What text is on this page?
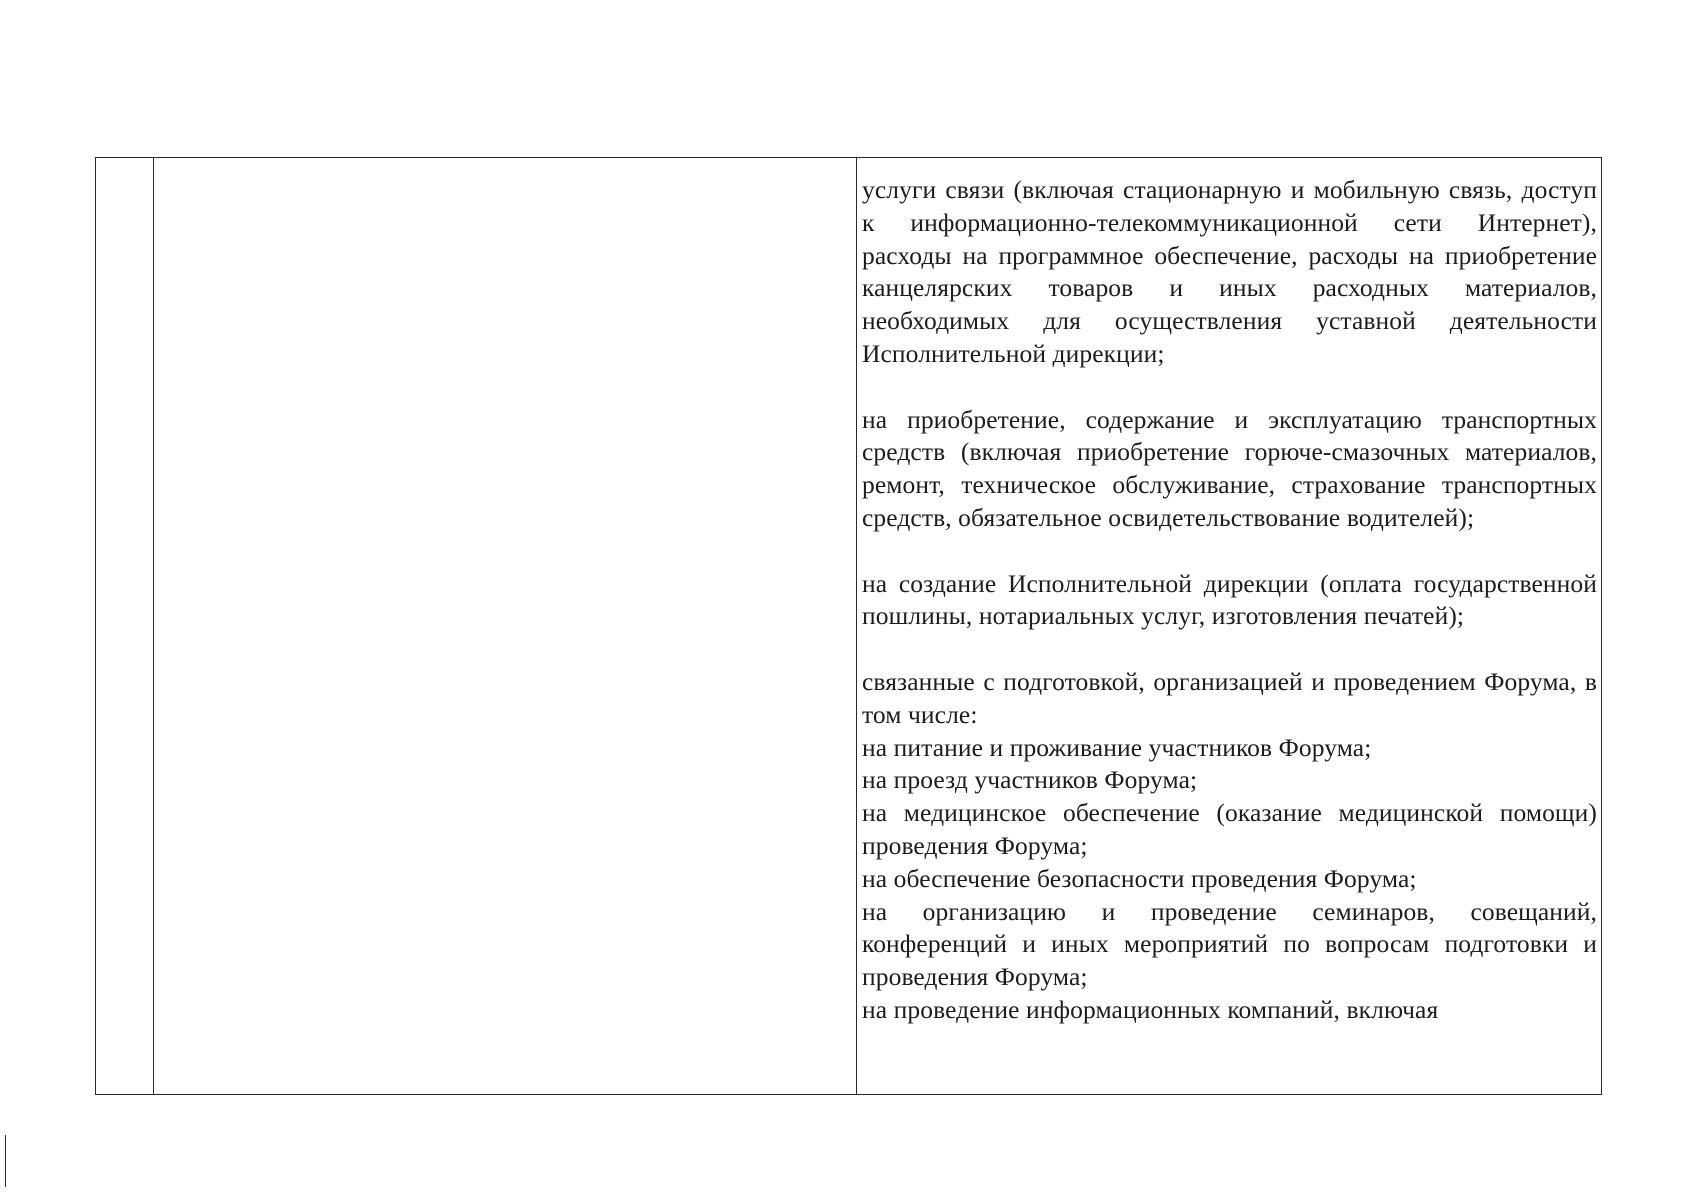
услуги связи (включая стационарную и мобильную связь, доступ к информационно-телекоммуникационной сети Интернет), расходы на программное обеспечение, расходы на приобретение канцелярских товаров и иных расходных материалов, необходимых для осуществления уставной деятельности Исполнительной дирекции;

на приобретение, содержание и эксплуатацию транспортных средств (включая приобретение горюче-смазочных материалов, ремонт, техническое обслуживание, страхование транспортных средств, обязательное освидетельствование водителей);

на создание Исполнительной дирекции (оплата государственной пошлины, нотариальных услуг, изготовления печатей);

связанные с подготовкой, организацией и проведением Форума, в том числе:

на питание и проживание участников Форума;

на проезд участников Форума;

на медицинское обеспечение (оказание медицинской помощи) проведения Форума;

на обеспечение безопасности проведения Форума;

на организацию и проведение семинаров, совещаний, конференций и иных мероприятий по вопросам подготовки и проведения Форума;

на проведение информационных компаний, включая
